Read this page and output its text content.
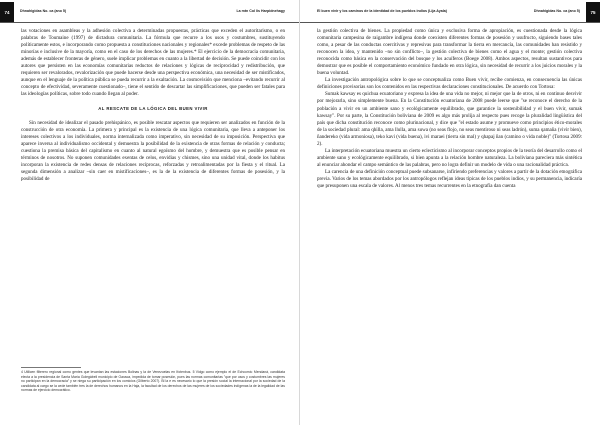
74	Dhnahigidas No. ca (ano 5)	La mtn Col lis Harpidnehagy

las votaciones en asambleas y la adhesión colectiva a determinadas propuestas, prácticas que exceden el autoritarismo, o en palabras de Toumaine (1997) de dictadura comunitaria. La fórmula que recurre a los usos y costumbres, sustituyendo políticamente estos, e incorporando como propuesta a constituciones nacionales y regionales* excede problemas de respeto de las minorías e inclusive de la mayoría, como en el caso de los derechos de las mujeres.* El ejercicio de la democracia comunitaria, además de establecer fronteras de género, suele implicar problemas en cuanto a la libertad de decisión. Se puede coincidir con los autores que persisten en las economías comunitarias reductos de relaciones y lógicas de reciprocidad y redistribución, que requieren ser revalorados, revalorización que puede hacerse desde una perspectiva económica, una necesidad de ser mistificados, aunque en el lenguaje de la política pública se pueda recurrir a la exaltación. La cosmovisión que menciona –evitando recurrir al concepto de efectividad, severamente cuestionado–, tiene el sentido de descartar las simplificaciones, que pueden ser fatales para las ideologías políticas, sobre todo cuando llegan al poder.

AL RESCATE DE LA LÓGICA DEL BUEN VIVIR

Sin necesidad de idealizar el pasado prehispánico, es posible rescatar aspectos que requieren ser analizados en función de la construcción de otra economía. La primera y principal es la existencia de una lógica comunitaria, que lleva a anteponer los intereses colectivos a los individuales, norma internalizada como imperativo, sin necesidad de su imposición. Perspectiva que aparece inversa al individualismo occidental y demuestra la posibilidad de la existencia de otras formas de relación y conducta; cuestiona la premisa básica del capitalismo en cuanto al natural egoísmo del hombre, y demuestra que es posible pensar en términos de nosotros. No suponen comunidades exentas de celos, envidias y chismes, sino una unidad vital, donde los habitus incorporan la existencia de redes densas de relaciones recíprocas, reforzadas y retroalimentadas por la fiesta y el ritual. La segunda dimensión a analizar –sin caer en mistificaciones–, es la de la existencia de diferentes formas de posesión, y la posibilidad de

4 Utilicen filterero regional como gentes que levantan las estaciones Bolinas y la de Venezuelas en Ifotenbus. 5 Vidgo como ejemplo el de Echcomá: Mendaná, candidata electa a la presidencia de Santa María Golegábeli municipio de Oaxaca, impedida de tomar posesión, pues las normas comunitarias "que por usos y costumbres las mujeres no participan en la democracia" y se niega su participación en los comicios (Gilberto 2007). Bl la e es necesario lo que la presión social la internacional por la sociedad de la candidata al cargo se la cede también tres la de derechos humanos en la Haja, la facultad de los derechos de las mujeres de los sociedades indígenas la de la legalidad de las normas de ejercicio democrático.
El buen vivir y los caminos de la identidad de los pueblos indios (Lija Ayala)	Dhnahigidas No. ca (ano 5)	75

la gestión colectiva de bienes. La propiedad como única y exclusiva forma de apropiación, es cuestionada desde la lógica comunitaria campesina de raigambre indígena donde coexisten diferentes formas de posesión y usufructo, siguiendo bases tales como, a pesar de las conductas coercitivas y represivas para transformar la tierra en mercancía, las comunidades han resistido y reconocen la idea, y mantenido –no sin conflicto–, la gestión colectiva de bienes como el agua y el monte; gestión colectiva reconocida como básica en la conservación del bosque y los acuíferos (Boege 2008). Ambos aspectos, resultan sustantivos para demostrar que es posible el comportamiento económico fundado en otra lógica, sin necesidad de recurrir a los juicios morales y la buena voluntad.

La investigación antropológica sobre lo que se conceptualiza como Buen vivir, recibe comienza, en consecuencia las únicas definiciones provisorias son los contenidos en las respectivas declaraciones constitucionales. De acuerdo con Tortosa:

Sumak kawsay es quichua ecuatoriano y expresa la idea de una vida no mejor, ni mejor que la de otros, ni en continuo desvivir por mejorarla, sino simplemente buena. En la Constitución ecuatoriana de 2008 puede leerse que "se reconoce el derecho de la población a vivir en un ambiente sano y ecológicamente equilibrado, que garantice la sostenibilidad y el buen vivir, sumak kawsay". Por su parte, la Constitución boliviana de 2009 es algo más prolija al respecto pues recoge la pluralidad lingüística del país que dicha constitución reconoce como plurinacional, y dice que "el estado asume y promueve como principios ético-morales de la sociedad plural: ama qhilla, ama llulla, ama suwa (no seas flojo, no seas mentiroso ni seas ladrón), suma qamaña (vivir bien), ñandereko (vida armoniosa), teko kavi (vida buena), ivi maraei (tierra sin mal) y qhapaj ñan (camino o vida noble)" (Tortosa 2009: 2).

La interpretación ecuatoriana muestra un cierto eclecticismo al incorporar conceptos propios de la teoría del desarrollo como el ambiente sano y ecológicamente equilibrado, si bien apunta a la relación hombre naturaleza. La boliviana pareciera más sintética al enunciar ahondar el campo semántico de las palabras, pero no logra definir un modelo de vida o una racionalidad práctica.

La carencia de una definición conceptual puede subsanarse, infiriendo preferencias y valores a partir de la dotación etnográfica previa. Varios de los temas abordados por los antropólogos reflejan ideas típicas de los pueblos indios, y su permanencia, indicaría que presuponen una escala de valores. Al menos tres temas recurrentes en la etnografía dan cuenta
